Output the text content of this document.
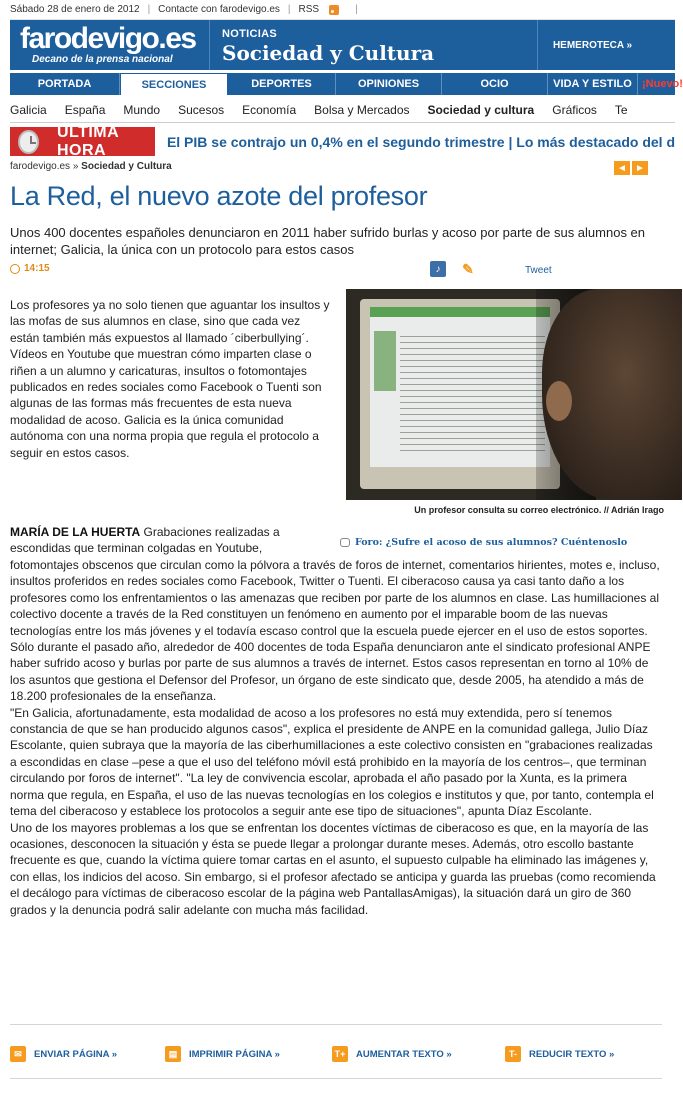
Sábado 28 de enero de 2012 | Contacte con farodevigo.es | RSS	|
farodevigo.es
Decano de la prensa nacional
NOTICIAS
Sociedad y Cultura	HEMEROTECA »
PORTADA	SECCIONES	DEPORTES	OPINIONES	OCIO	VIDA Y ESTILO ¡Nuevo!
Galicia España Mundo Sucesos Economía Bolsa y Mercados Sociedad y cultura Gráficos Te
ÚLTIMA HORA	El PIB se contrajo un 0,4% en el segundo trimestre | Lo más destacado del d
farodevigo.es » Sociedad y Cultura	◄ ►
La Red, el nuevo azote del profesor
Unos 400 docentes españoles denunciaron en 2011 haber sufrido burlas y acoso por parte de sus alumnos en internet; Galicia, la única con un protocolo para estos casos
14:15	♪	✎	Tweet
Los profesores ya no solo tienen que aguantar los insultos y las mofas de sus alumnos en clase, sino que cada vez están también más expuestos al llamado ´ciberbullying´. Vídeos en Youtube que muestran cómo imparten clase o riñen a un alumno y caricaturas, insultos o fotomontajes publicados en redes sociales como Facebook o Tuenti son algunas de las formas más frecuentes de esta nueva modalidad de acoso. Galicia es la única comunidad autónoma con una norma propia que regula el protocolo a seguir en estos casos.
Un profesor consulta su correo electrónico. // Adrián Irago
MARÍA DE LA HUERTA Grabaciones realizadas a escondidas que terminan colgadas en Youtube,	Foro: ¿Sufre el acoso de sus alumnos? Cuéntenoslo

fotomontajes obscenos que circulan como la pólvora a través de foros de internet, comentarios hirientes, motes e, incluso, insultos proferidos en redes sociales como Facebook, Twitter o Tuenti. El ciberacoso causa ya casi tanto daño a los profesores como los enfrentamientos o las amenazas que reciben por parte de los alumnos en clase. Las humillaciones al colectivo docente a través de la Red constituyen un fenómeno en aumento por el imparable boom de las nuevas tecnologías entre los más jóvenes y el todavía escaso control que la escuela puede ejercer en el uso de estos soportes.

Sólo durante el pasado año, alrededor de 400 docentes de toda España denunciaron ante el sindicato profesional ANPE haber sufrido acoso y burlas por parte de sus alumnos a través de internet. Estos casos representan en torno al 10% de los asuntos que gestiona el Defensor del Profesor, un órgano de este sindicato que, desde 2005, ha atendido a más de 18.200 profesionales de la enseñanza.

"En Galicia, afortunadamente, esta modalidad de acoso a los profesores no está muy extendida, pero sí tenemos constancia de que se han producido algunos casos", explica el presidente de ANPE en la comunidad gallega, Julio Díaz Escolante, quien subraya que la mayoría de las ciberhumillaciones a este colectivo consisten en "grabaciones realizadas a escondidas en clase –pese a que el uso del teléfono móvil está prohibido en la mayoría de los centros–, que terminan circulando por foros de internet". "La ley de convivencia escolar, aprobada el año pasado por la Xunta, es la primera norma que regula, en España, el uso de las nuevas tecnologías en los colegios e institutos y que, por tanto, contempla el tema del ciberacoso y establece los protocolos a seguir ante ese tipo de situaciones", apunta Díaz Escolante.

Uno de los mayores problemas a los que se enfrentan los docentes víctimas de ciberacoso es que, en la mayoría de las ocasiones, desconocen la situación y ésta se puede llegar a prolongar durante meses. Además, otro escollo bastante frecuente es que, cuando la víctima quiere tomar cartas en el asunto, el supuesto culpable ha eliminado las imágenes y, con ellas, los indicios del acoso. Sin embargo, si el profesor afectado se anticipa y guarda las pruebas (como recomienda el decálogo para víctimas de ciberacoso escolar de la página web PantallasAmigas), la situación dará un giro de 360 grados y la denuncia podrá salir adelante con mucha más facilidad.

✉	ENVIAR PÁGINA »	▤	IMPRIMIR PÁGINA »	T+ AUMENTAR TEXTO »	T-	REDUCIR TEXTO »
